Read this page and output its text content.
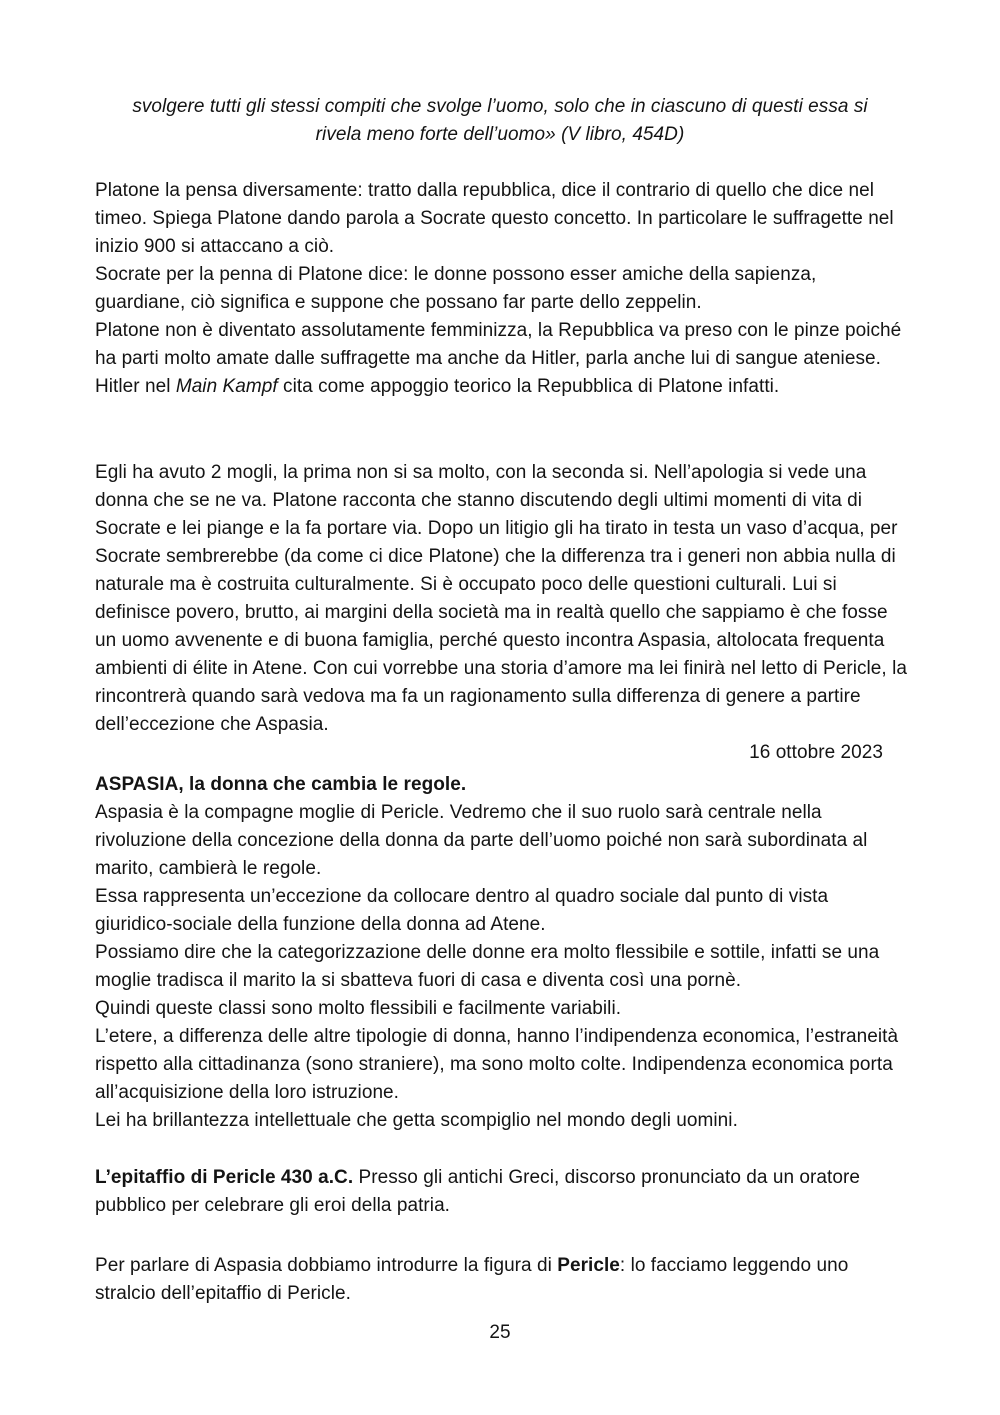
svolgere tutti gli stessi compiti che svolge l’uomo, solo che in ciascuno di questi essa si
rivela meno forte dell’uomo» (V libro, 454D)

Platone la pensa diversamente: tratto dalla repubblica, dice il contrario di quello che dice nel timeo. Spiega Platone dando parola a Socrate questo concetto. In particolare le suffragette nel inizio 900 si attaccano a ciò.

Socrate per la penna di Platone dice: le donne possono esser amiche della sapienza, guardiane, ciò significa e suppone che possano far parte dello zeppelin.

Platone non è diventato assolutamente femminizza, la Repubblica va preso con le pinze poiché ha parti molto amate dalle suffragette ma anche da Hitler, parla anche lui di sangue ateniese. Hitler nel Main Kampf cita come appoggio teorico la Repubblica di Platone infatti.

Egli ha avuto 2 mogli, la prima non si sa molto, con la seconda si. Nell’apologia si vede una donna che se ne va. Platone racconta che stanno discutendo degli ultimi momenti di vita di Socrate e lei piange e la fa portare via. Dopo un litigio gli ha tirato in testa un vaso d’acqua, per Socrate sembrerebbe (da come ci dice Platone) che la differenza tra i generi non abbia nulla di naturale ma è costruita culturalmente. Si è occupato poco delle questioni culturali. Lui si definisce povero, brutto, ai margini della società ma in realtà quello che sappiamo è che fosse un uomo avvenente e di buona famiglia, perché questo incontra Aspasia, altolocata frequenta ambienti di élite in Atene. Con cui vorrebbe una storia d’amore ma lei finirà nel letto di Pericle, la rincontrerà quando sarà vedova ma fa un ragionamento sulla differenza di genere a partire dell’eccezione che Aspasia.

16 ottobre 2023

ASPASIA, la donna che cambia le regole.

Aspasia è la compagne moglie di Pericle. Vedremo che il suo ruolo sarà centrale nella rivoluzione della concezione della donna da parte dell’uomo poiché non sarà subordinata al marito, cambierà le regole.

Essa rappresenta un’eccezione da collocare dentro al quadro sociale dal punto di vista giuridico-sociale della funzione della donna ad Atene.

Possiamo dire che la categorizzazione delle donne era molto flessibile e sottile, infatti se una moglie tradisca il marito la si sbatteva fuori di casa e diventa così una pornè.

Quindi queste classi sono molto flessibili e facilmente variabili.

L’etere, a differenza delle altre tipologie di donna, hanno l’indipendenza economica, l’estraneità rispetto alla cittadinanza (sono straniere), ma sono molto colte. Indipendenza economica porta all’acquisizione della loro istruzione.

Lei ha brillantezza intellettuale che getta scompiglio nel mondo degli uomini.

L’epitaffio di Pericle 430 a.C. Presso gli antichi Greci, discorso pronunciato da un oratore pubblico per celebrare gli eroi della patria.

Per parlare di Aspasia dobbiamo introdurre la figura di Pericle: lo facciamo leggendo uno stralcio dell’epitaffio di Pericle.

25
